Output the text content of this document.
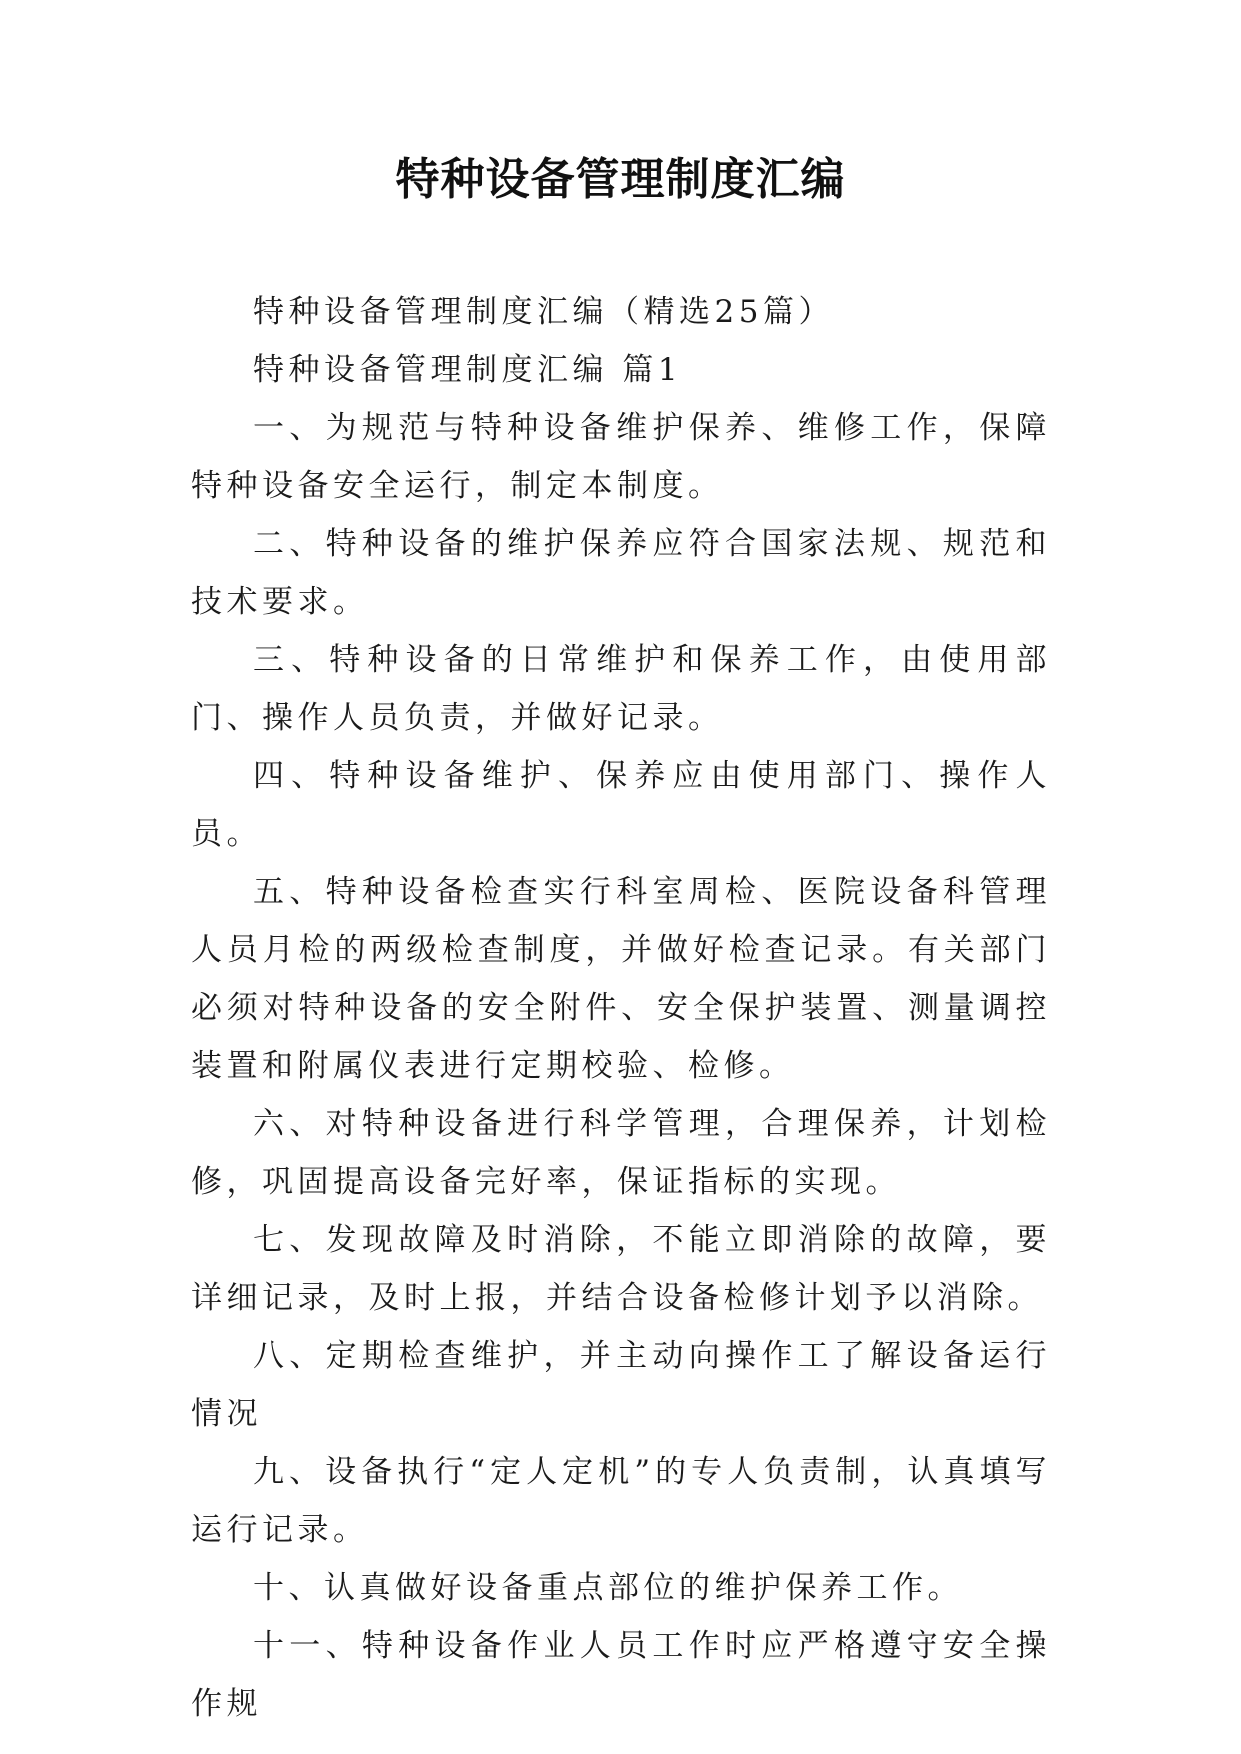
特种设备管理制度汇编

特种设备管理制度汇编（精选25篇）

特种设备管理制度汇编 篇1

一、为规范与特种设备维护保养、维修工作，保障特种设备安全运行，制定本制度。

二、特种设备的维护保养应符合国家法规、规范和技术要求。

三、特种设备的日常维护和保养工作，由使用部门、操作人员负责，并做好记录。

四、特种设备维护、保养应由使用部门、操作人员。

五、特种设备检查实行科室周检、医院设备科管理人员月检的两级检查制度，并做好检查记录。有关部门必须对特种设备的安全附件、安全保护装置、测量调控装置和附属仪表进行定期校验、检修。

六、对特种设备进行科学管理，合理保养，计划检修，巩固提高设备完好率，保证指标的实现。

七、发现故障及时消除，不能立即消除的故障，要详细记录，及时上报，并结合设备检修计划予以消除。

八、定期检查维护，并主动向操作工了解设备运行情况

九、设备执行“定人定机”的专人负责制，认真填写运行记录。

十、认真做好设备重点部位的维护保养工作。

十一、特种设备作业人员工作时应严格遵守安全操作规
